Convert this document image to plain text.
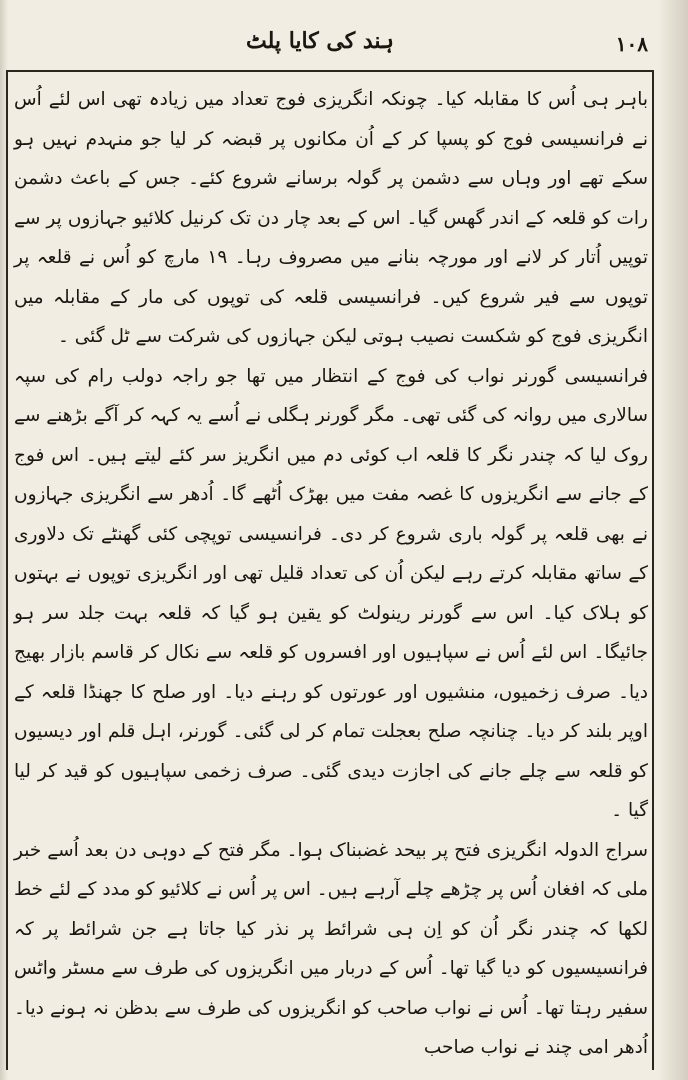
ہند کی کایا پلٹ	۱۰۸

باہر ہی اُس کا مقابلہ کیا۔ چونکہ انگریزی فوج تعداد میں زیادہ تھی اس لئے اُس نے فرانسیسی فوج کو پسپا کر کے اُن مکانوں پر قبضہ کر لیا جو منہدم نہیں ہو سکے تھے اور وہاں سے دشمن پر گولہ برسانے شروع کئے۔ جس کے باعث دشمن رات کو قلعہ کے اندر گھس گیا۔ اس کے بعد چار دن تک کرنیل کلائیو جہازوں پر سے توپیں اُتار کر لانے اور مورچہ بنانے میں مصروف رہا۔ ۱۹ مارچ کو اُس نے قلعہ پر توپوں سے فیر شروع کیں۔ فرانسیسی قلعہ کی توپوں کی مار کے مقابلہ میں انگریزی فوج کو شکست نصیب ہوتی لیکن جہازوں کی شرکت سے ٹل گئی ۔

فرانسیسی گورنر نواب کی فوج کے انتظار میں تھا جو راجہ دولب رام کی سپہ سالاری میں روانہ کی گئی تھی۔ مگر گورنر ہگلی نے اُسے یہ کہہ کر آگے بڑھنے سے روک لیا کہ چندر نگر کا قلعہ اب کوئی دم میں انگریز سر کئے لیتے ہیں۔ اس فوج کے جانے سے انگریزوں کا غصہ مفت میں بھڑک اُٹھے گا۔ اُدھر سے انگریزی جہازوں نے بھی قلعہ پر گولہ باری شروع کر دی۔ فرانسیسی توپچی کئی گھنٹے تک دلاوری کے ساتھ مقابلہ کرتے رہے لیکن اُن کی تعداد قلیل تھی اور انگریزی توپوں نے بہتوں کو ہلاک کیا۔ اس سے گورنر رینولٹ کو یقین ہو گیا کہ قلعہ بہت جلد سر ہو جائیگا۔ اس لئے اُس نے سپاہیوں اور افسروں کو قلعہ سے نکال کر قاسم بازار بھیج دیا۔ صرف زخمیوں، منشیوں اور عورتوں کو رہنے دیا۔ اور صلح کا جھنڈا قلعہ کے اوپر بلند کر دیا۔ چنانچہ صلح بعجلت تمام کر لی گئی۔ گورنر، اہل قلم اور دیسیوں کو قلعہ سے چلے جانے کی اجازت دیدی گئی۔ صرف زخمی سپاہیوں کو قید کر لیا گیا ۔

سراج الدولہ انگریزی فتح پر بیحد غضبناک ہوا۔ مگر فتح کے دوہی دن بعد اُسے خبر ملی کہ افغان اُس پر چڑھے چلے آرہے ہیں۔ اس پر اُس نے کلائیو کو مدد کے لئے خط لکھا کہ چندر نگر اُن کو اِن ہی شرائط پر نذر کیا جاتا ہے جن شرائط پر کہ فرانسیسیوں کو دیا گیا تھا۔ اُس کے دربار میں انگریزوں کی طرف سے مسٹر واٹس سفیر رہتا تھا۔ اُس نے نواب صاحب کو انگریزوں کی طرف سے بدظن نہ ہونے دیا۔ اُدھر امی چند نے نواب صاحب
